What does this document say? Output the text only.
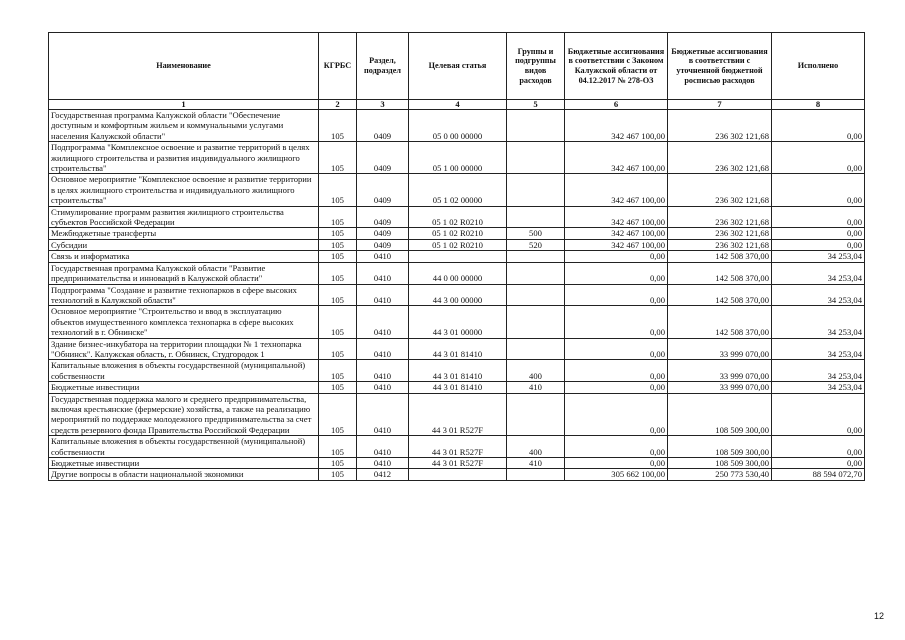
Наименование	КГРБС	Раздел, подраздел	Целевая статья	Группы и подгруппы видов расходов	Бюджетные ассигнования в соответствии с Законом Калужской области от 04.12.2017 № 278-ОЗ	Бюджетные ассигнования в соответствии с уточненной бюджетной росписью расходов	Исполнено
1	2	3	4	5	6	7	8
Государственная программа Калужской области "Обеспечение доступным и комфортным жильем и коммунальными услугами населения Калужской области"	105	0409	05 0 00 00000		342 467 100,00	236 302 121,68	0,00
Подпрограмма "Комплексное освоение и развитие территорий в целях жилищного строительства и развития индивидуального жилищного строительства"	105	0409	05 1 00 00000		342 467 100,00	236 302 121,68	0,00
Основное мероприятие "Комплексное освоение и развитие территории в целях жилищного строительства и индивидуального жилищного строительства"	105	0409	05 1 02 00000		342 467 100,00	236 302 121,68	0,00
Стимулирование программ развития жилищного строительства субъектов Российской Федерации	105	0409	05 1 02 R0210		342 467 100,00	236 302 121,68	0,00
Межбюджетные трансферты	105	0409	05 1 02 R0210	500	342 467 100,00	236 302 121,68	0,00
Субсидии	105	0409	05 1 02 R0210	520	342 467 100,00	236 302 121,68	0,00
Связь и информатика	105	0410			0,00	142 508 370,00	34 253,04
Государственная программа Калужской области "Развитие предпринимательства и инноваций в Калужской области"	105	0410	44 0 00 00000		0,00	142 508 370,00	34 253,04
Подпрограмма "Создание и развитие технопарков в сфере высоких технологий в Калужской области"	105	0410	44 3 00 00000		0,00	142 508 370,00	34 253,04
Основное мероприятие "Строительство и ввод в эксплуатацию объектов имущественного комплекса технопарка в сфере высоких технологий в г. Обнинске"	105	0410	44 3 01 00000		0,00	142 508 370,00	34 253,04
Здание бизнес-инкубатора на территории площадки № 1 технопарка "Обнинск". Калужская область, г. Обнинск, Студгородок 1	105	0410	44 3 01 81410		0,00	33 999 070,00	34 253,04
Капитальные вложения в объекты государственной (муниципальной) собственности	105	0410	44 3 01 81410	400	0,00	33 999 070,00	34 253,04
Бюджетные инвестиции	105	0410	44 3 01 81410	410	0,00	33 999 070,00	34 253,04
Государственная поддержка малого и среднего предпринимательства, включая крестьянские (фермерские) хозяйства, а также на реализацию мероприятий по поддержке молодежного предпринимательства за счет средств резервного фонда Правительства Российской Федерации	105	0410	44 3 01 R527F		0,00	108 509 300,00	0,00
Капитальные вложения в объекты государственной (муниципальной) собственности	105	0410	44 3 01 R527F	400	0,00	108 509 300,00	0,00
Бюджетные инвестиции	105	0410	44 3 01 R527F	410	0,00	108 509 300,00	0,00
Другие вопросы в области национальной экономики	105	0412			305 662 100,00	250 773 530,40	88 594 072,70
12
